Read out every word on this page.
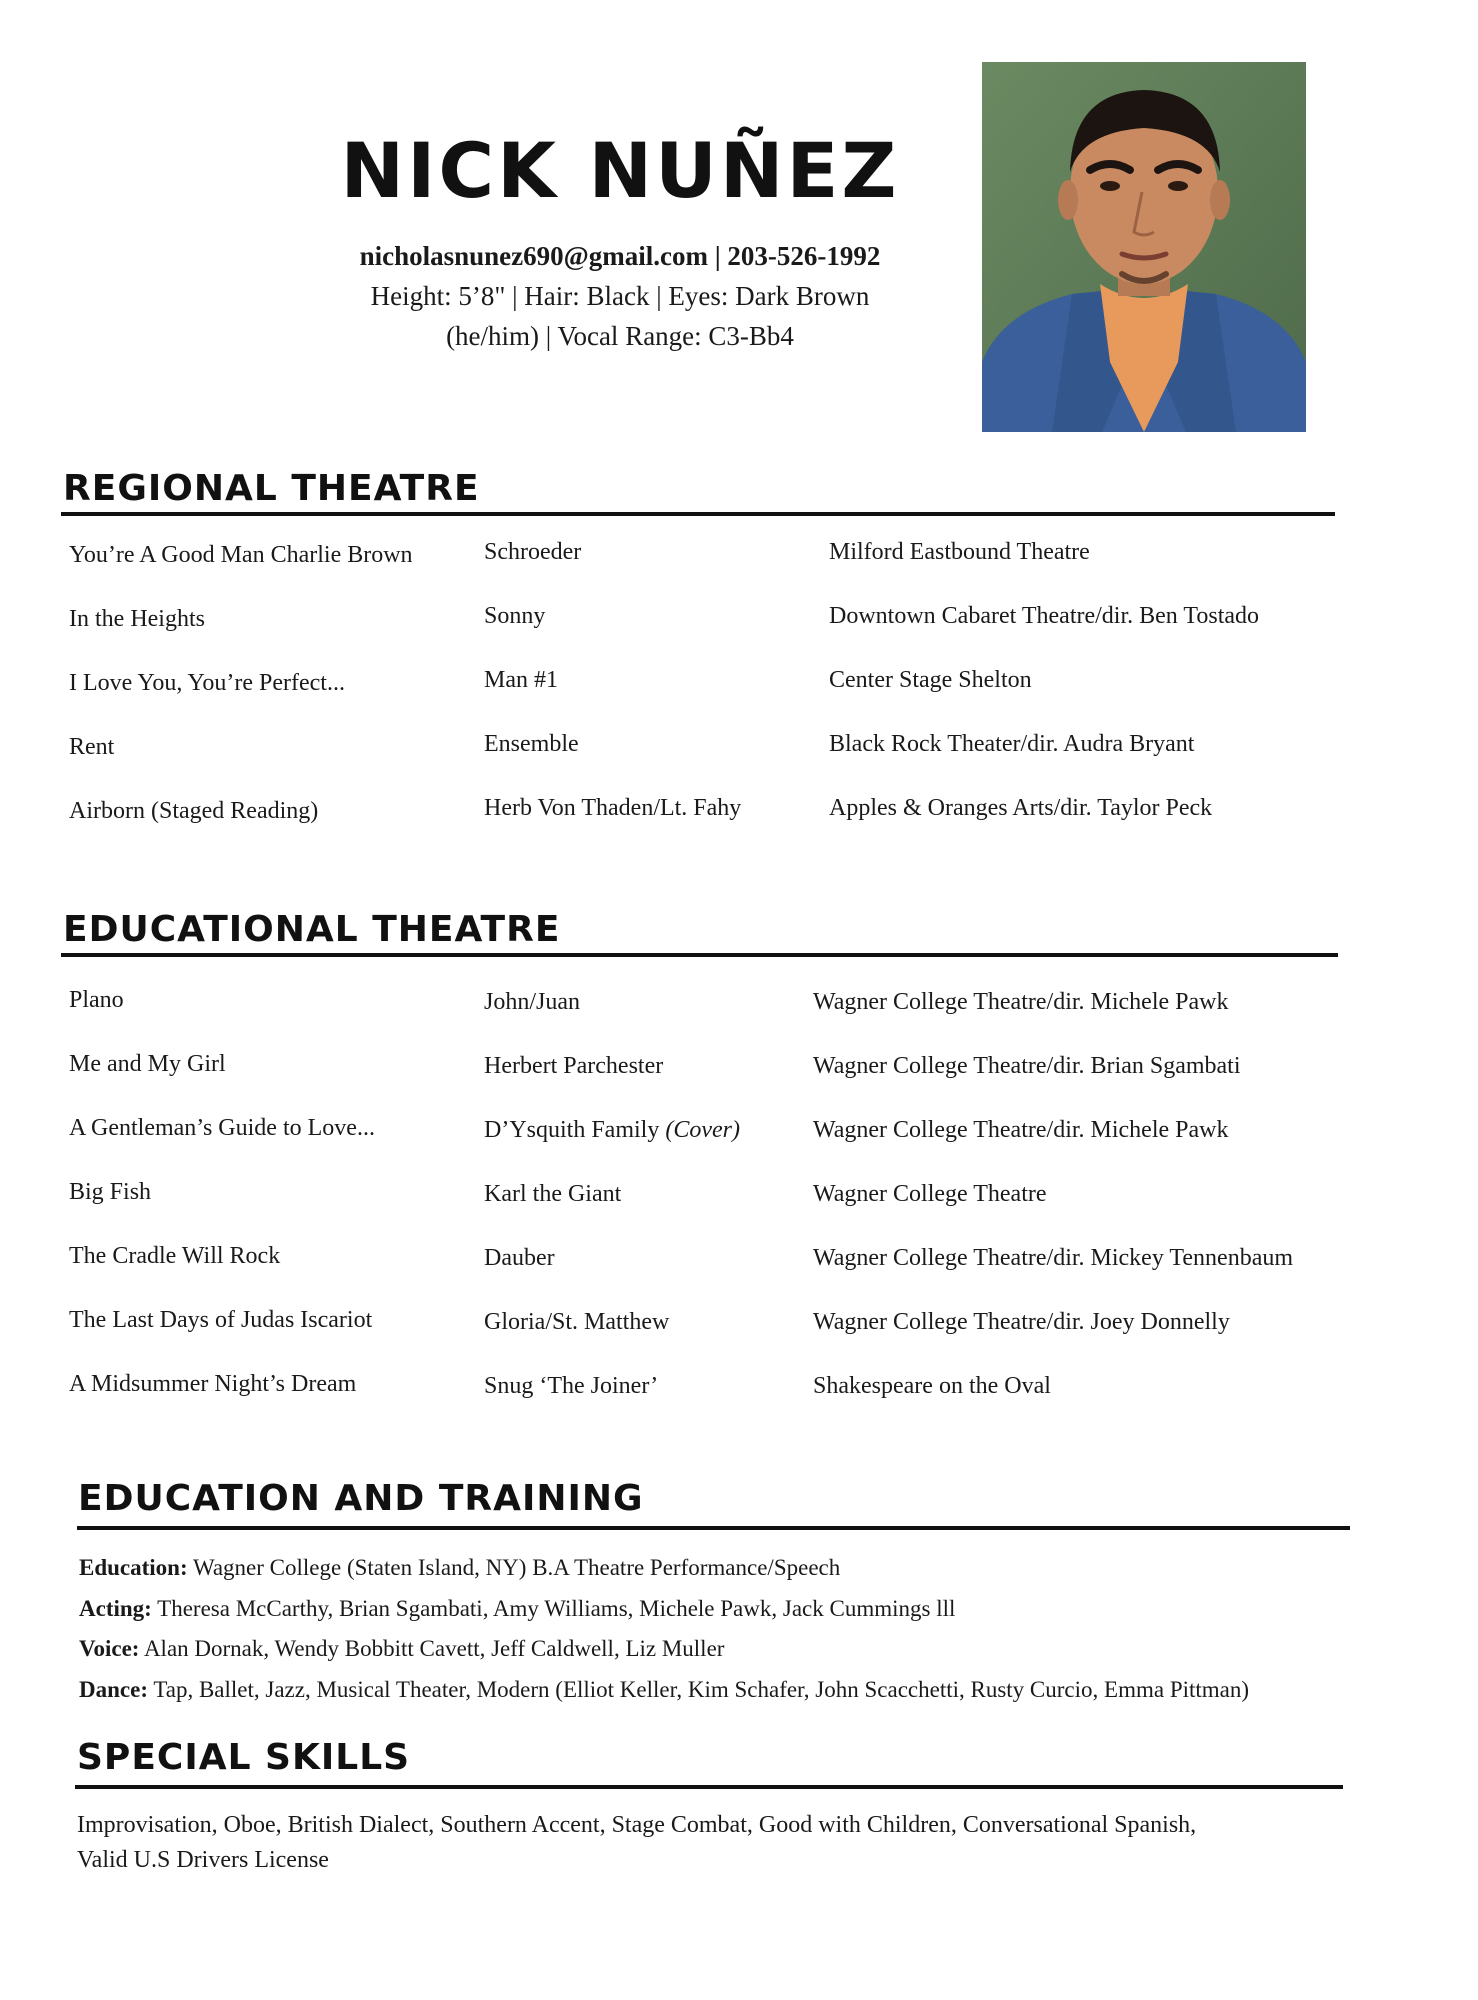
NICK NUÑEZ
nicholasnunez690@gmail.com | 203-526-1992
Height: 5’8" | Hair: Black | Eyes: Dark Brown
(he/him) | Vocal Range: C3-Bb4
REGIONAL THEATRE
You’re A Good Man Charlie Brown	Schroeder	Milford Eastbound Theatre
In the Heights	Sonny	Downtown Cabaret Theatre/dir. Ben Tostado
I Love You, You’re Perfect...	Man #1	Center Stage Shelton
Rent	Ensemble	Black Rock Theater/dir. Audra Bryant
Airborn (Staged Reading)	Herb Von Thaden/Lt. Fahy	Apples & Oranges Arts/dir. Taylor Peck
EDUCATIONAL THEATRE
Plano	John/Juan	Wagner College Theatre/dir. Michele Pawk
Me and My Girl	Herbert Parchester	Wagner College Theatre/dir. Brian Sgambati
A Gentleman’s Guide to Love...	D’Ysquith Family (Cover)	Wagner College Theatre/dir. Michele Pawk
Big Fish	Karl the Giant	Wagner College Theatre
The Cradle Will Rock	Dauber	Wagner College Theatre/dir. Mickey Tennenbaum
The Last Days of Judas Iscariot	Gloria/St. Matthew	Wagner College Theatre/dir. Joey Donnelly
A Midsummer Night’s Dream	Snug ‘The Joiner’	Shakespeare on the Oval
EDUCATION AND TRAINING
Education: Wagner College (Staten Island, NY) B.A Theatre Performance/Speech
Acting: Theresa McCarthy, Brian Sgambati, Amy Williams, Michele Pawk, Jack Cummings lll
Voice: Alan Dornak, Wendy Bobbitt Cavett, Jeff Caldwell, Liz Muller
Dance: Tap, Ballet, Jazz, Musical Theater, Modern (Elliot Keller, Kim Schafer, John Scacchetti, Rusty Curcio, Emma Pittman)
SPECIAL SKILLS
Improvisation, Oboe, British Dialect, Southern Accent, Stage Combat, Good with Children, Conversational Spanish,
Valid U.S Drivers License
